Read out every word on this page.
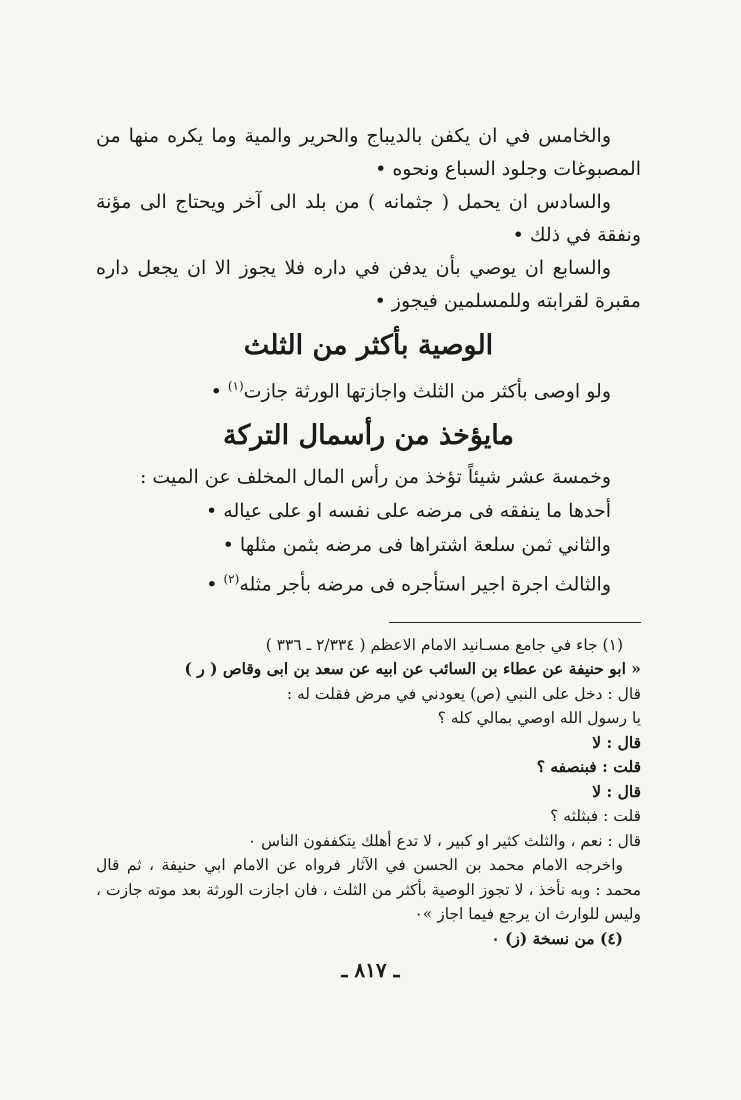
والخامس في ان يكفن بالديباج والحرير والمية وما يكره منها من المصبوغات وجلود السباع ونحوه •

والسادس ان يحمل ( جثمانه ) من بلد الى آخر ويحتاج الى مؤنة ونفقة في ذلك •

والسابع ان يوصي بأن يدفن في داره فلا يجوز الا ان يجعل داره مقبرة لقرابته وللمسلمين فيجوز •

الوصية بأكثر من الثلث

ولو اوصى بأكثر من الثلث واجازتها الورثة جازت$^{(١)}$ •

مايؤخذ من رأسمال التركة

وخمسة عشر شيئاً تؤخذ من رأس المال المخلف عن الميت :

أحدها ما ينفقه فى مرضه على نفسه او على عياله •

والثاني ثمن سلعة اشتراها فى مرضه بثمن مثلها •

والثالث اجرة اجير استأجره فى مرضه بأجر مثله$^{(٢)}$ •

(١) جاء في جامع مسـانيد الامام الاعظم ( ٢/٣٣٤ ـ ٣٣٦ )

« ابو حنيفة عن عطاء بن السائب عن ابيه عن سعد بن ابى وقاص ( ر )

قال : دخل على النبي (ص) يعودني في مرض فقلت له :

يا رسول الله اوصي بمالي كله ؟

قال : لا

قلت : فبنصفه ؟

قال : لا

قلت : فبثلثه ؟

قال : نعم ، والثلث كثير او كبير ، لا تدع أهلك يتكففون الناس ٠

واخرجه الامام محمد بن الحسن في الآثار فرواه عن الامام ابي حنيفة ، ثم قال محمد : وبه نأخذ ، لا تجوز الوصية بأكثر من الثلث ، فان اجازت الورثة بعد موته جازت ، وليس للوارث ان يرجع فيما اجاز »٠

(٤) من نسخة (ز) ٠

ـ ٨١٧ ـ
